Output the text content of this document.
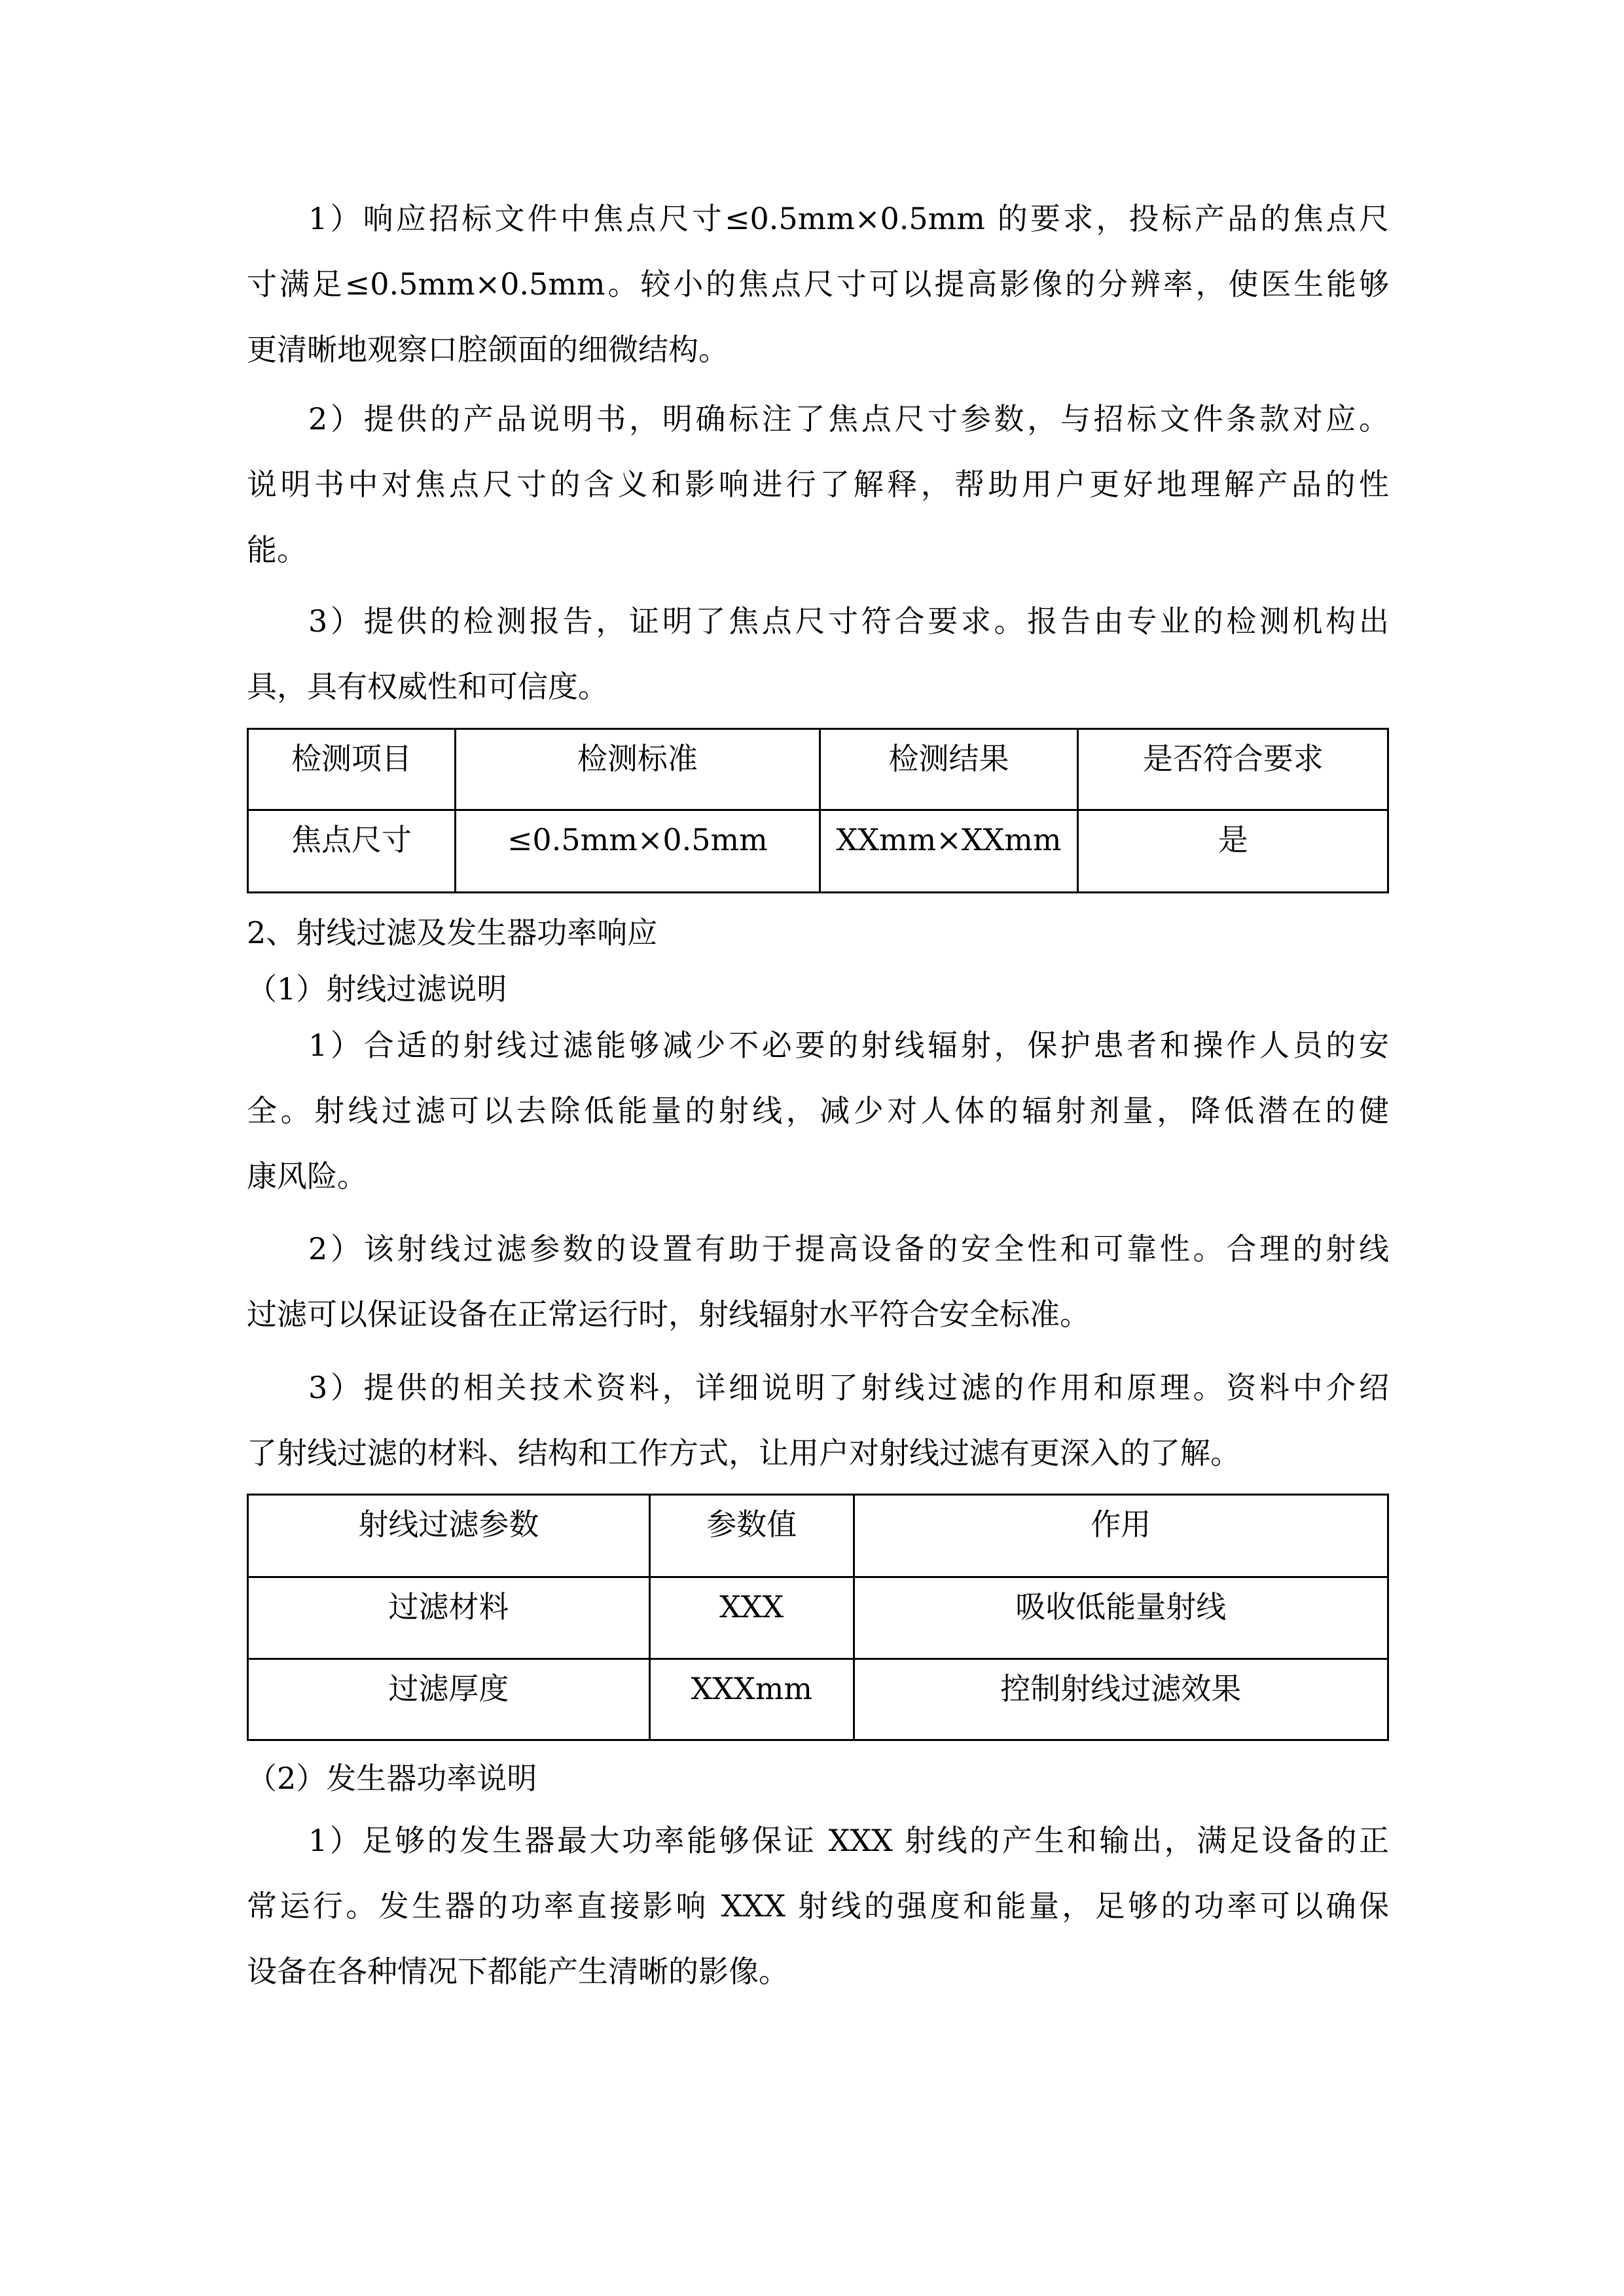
1）响应招标文件中焦点尺寸≤0.5mm×0.5mm 的要求，投标产品的焦点尺
寸满足≤0.5mm×0.5mm。较小的焦点尺寸可以提高影像的分辨率，使医生能够
更清晰地观察口腔颌面的细微结构。
2）提供的产品说明书，明确标注了焦点尺寸参数，与招标文件条款对应。
说明书中对焦点尺寸的含义和影响进行了解释，帮助用户更好地理解产品的性
能。
3）提供的检测报告，证明了焦点尺寸符合要求。报告由专业的检测机构出
具，具有权威性和可信度。
检测项目	检测标准	检测结果	是否符合要求
焦点尺寸	≤0.5mm×0.5mm	XXmm×XXmm	是
2、射线过滤及发生器功率响应
（1）射线过滤说明
1）合适的射线过滤能够减少不必要的射线辐射，保护患者和操作人员的安
全。射线过滤可以去除低能量的射线，减少对人体的辐射剂量，降低潜在的健
康风险。
2）该射线过滤参数的设置有助于提高设备的安全性和可靠性。合理的射线
过滤可以保证设备在正常运行时，射线辐射水平符合安全标准。
3）提供的相关技术资料，详细说明了射线过滤的作用和原理。资料中介绍
了射线过滤的材料、结构和工作方式，让用户对射线过滤有更深入的了解。
射线过滤参数	参数值	作用
过滤材料	XXX	吸收低能量射线
过滤厚度	XXXmm	控制射线过滤效果
（2）发生器功率说明
1）足够的发生器最大功率能够保证 XXX 射线的产生和输出，满足设备的正
常运行。发生器的功率直接影响 XXX 射线的强度和能量，足够的功率可以确保
设备在各种情况下都能产生清晰的影像。
